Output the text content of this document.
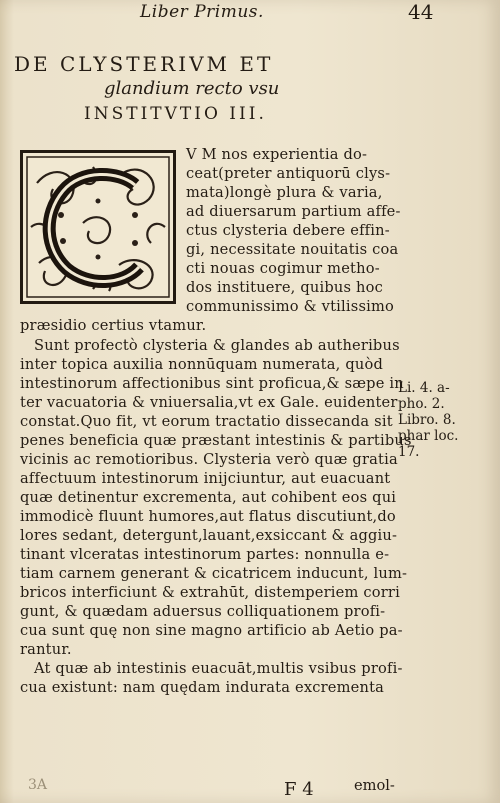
Liber Primus.	44
DE CLYSTERIVM ET
glandium recto vsu
INSTITVTIO III.
V M nos experientia do-
ceat(preter antiquorū clys-
mata)longè plura & varia,
ad diuersarum partium affe-
ctus clysteria debere effin-
gi, necessitate nouitatis coa
cti nouas cogimur metho-
dos instituere, quibus hoc
communissimo & vtilissimo
præsidio certius vtamur.
Sunt profectò clysteria & glandes ab autheribus
inter topica auxilia nonnūquam numerata, quòd
intestinorum affectionibus sint proficua,& sæpe in
ter vacuatoria & vniuersalia,vt ex Gale. euidenter
constat.Quo fit, vt eorum tractatio dissecanda sit
penes beneficia quæ præstant intestinis & partibus
vicinis ac remotioribus. Clysteria verò quæ gratia
affectuum intestinorum inijciuntur, aut euacuant
quæ detinentur excrementa, aut cohibent eos qui
immodicè fluunt humores,aut flatus discutiunt,do
lores sedant, detergunt,lauant,exsiccant & aggiu-
tinant vlceratas intestinorum partes: nonnulla e-
tiam carnem generant & cicatricem inducunt, lum-
bricos interficiunt & extrahūt, distemperiem corri
gunt, & quædam aduersus colliquationem profi-
cua sunt quę non sine magno artificio ab Aetio pa-
rantur.
At quæ ab intestinis euacuāt,multis vsibus profi-
cua existunt: nam quędam indurata excrementa
Li. 4. a-
pho. 2.
Libro. 8.
phar loc.
17.
3A	F 4	emol-
